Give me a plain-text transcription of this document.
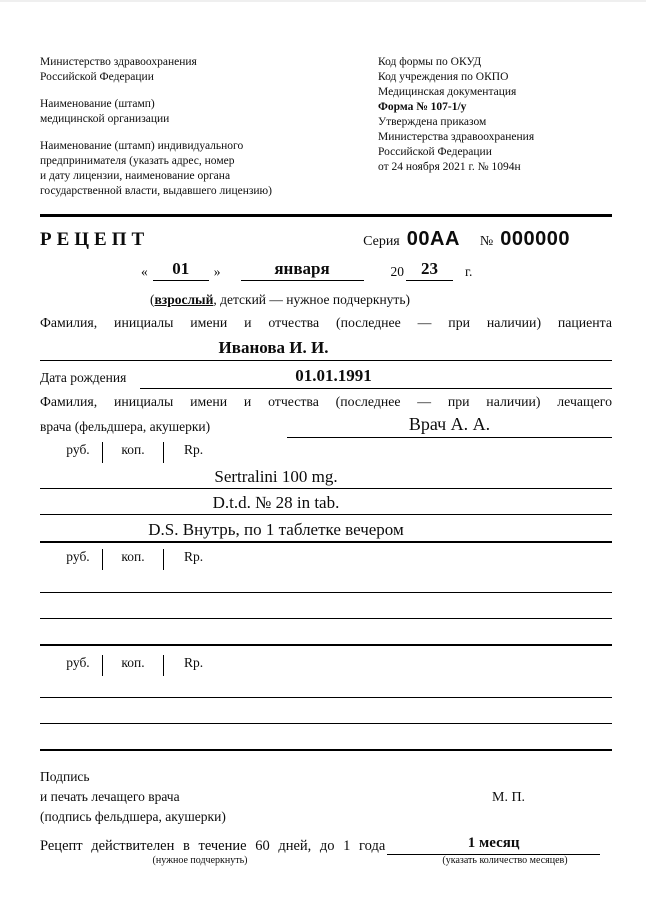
Министерство здравоохранения
Российской Федерации
Наименование (штамп)
медицинской организации
Наименование (штамп) индивидуального
предпринимателя (указать адрес, номер
и дату лицензии, наименование органа
государственной власти, выдавшего лицензию)
Код формы по ОКУД
Код учреждения по ОКПО
Медицинская документация
Форма № 107-1/у
Утверждена приказом
Министерства здравоохранения
Российской Федерации
от 24 ноября 2021 г. № 1094н
РЕЦЕПТ	Серия 00AA № 000000
«	01	»	января	20	23	г.
(взрослый, детский — нужное подчеркнуть)
Фамилия, инициалы имени и отчества (последнее — при наличии) пациента
Иванова И. И.
Дата рождения	01.01.1991
Фамилия, инициалы имени и отчества (последнее — при наличии) лечащего
врача (фельдшера, акушерки)	Врач А. А.
руб.	коп.	Rp.
Sertralini 100 mg.
D.t.d. № 28 in tab.
D.S. Внутрь, по 1 таблетке вечером
руб.	коп.	Rp.
руб.	коп.	Rp.
Подпись
и печать лечащего врача
(подпись фельдшера, акушерки)
М. П.
Рецепт действителен в течение 60 дней, до 1 года	1 месяц
(нужное подчеркнуть)	(указать количество месяцев)
